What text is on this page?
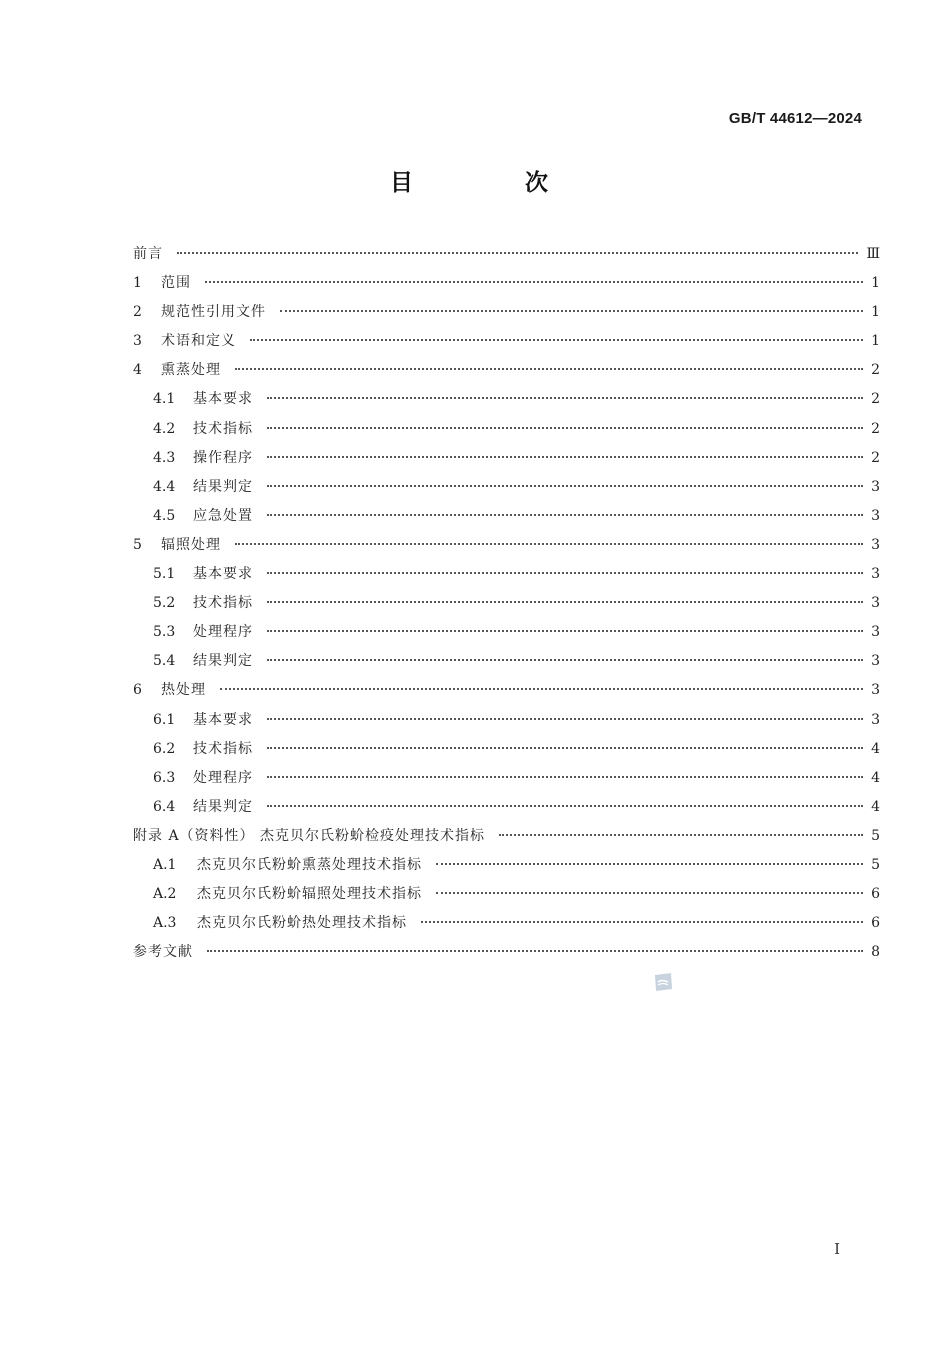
GB/T 44612—2024
目 次
前言	Ⅲ
1	范围	1
2	规范性引用文件	1
3	术语和定义	1
4	熏蒸处理	2
4.1	基本要求	2
4.2	技术指标	2
4.3	操作程序	2
4.4	结果判定	3
4.5	应急处置	3
5	辐照处理	3
5.1	基本要求	3
5.2	技术指标	3
5.3	处理程序	3
5.4	结果判定	3
6	热处理	3
6.1	基本要求	3
6.2	技术指标	4
6.3	处理程序	4
6.4	结果判定	4
附录 A（资料性） 杰克贝尔氏粉蚧检疫处理技术指标	5
A.1	杰克贝尔氏粉蚧熏蒸处理技术指标	5
A.2	杰克贝尔氏粉蚧辐照处理技术指标	6
A.3	杰克贝尔氏粉蚧热处理技术指标	6
参考文献	8
I
